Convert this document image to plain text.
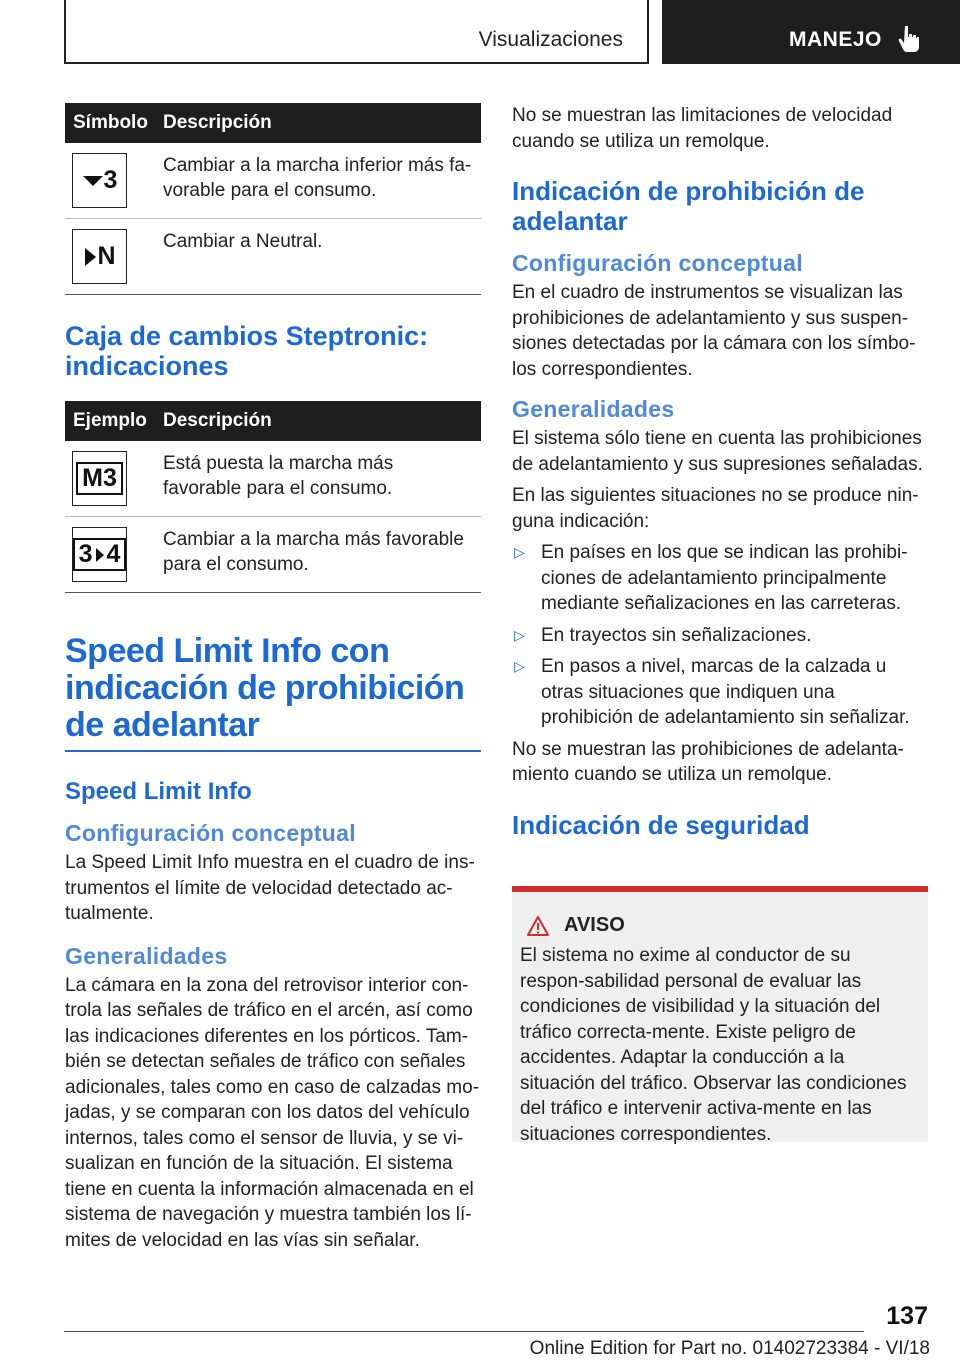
Visualizaciones	MANEJO
Símbolo	Descripción

3	Cambiar a la marcha inferior más fa-vorable para el consumo.

N	Cambiar a Neutral.
Caja de cambios Steptronic: indicaciones
Ejemplo	Descripción

M3	Está puesta la marcha más favorable para el consumo.

3 4	Cambiar a la marcha más favorable para el consumo.
Speed Limit Info con indicación de prohibición de adelantar
Speed Limit Info
Configuración conceptual

La Speed Limit Info muestra en el cuadro de ins-trumentos el límite de velocidad detectado ac-tualmente.

Generalidades

La cámara en la zona del retrovisor interior con-trola las señales de tráfico en el arcén, así como las indicaciones diferentes en los pórticos. Tam-bién se detectan señales de tráfico con señales adicionales, tales como en caso de calzadas mo-jadas, y se comparan con los datos del vehículo internos, tales como el sensor de lluvia, y se vi-sualizan en función de la situación. El sistema tiene en cuenta la información almacenada en el sistema de navegación y muestra también los lí-mites de velocidad en las vías sin señalar.

No se muestran las limitaciones de velocidad cuando se utiliza un remolque.

Indicación de prohibición de adelantar
Configuración conceptual

En el cuadro de instrumentos se visualizan las prohibiciones de adelantamiento y sus suspen-siones detectadas por la cámara con los símbo-los correspondientes.

Generalidades

El sistema sólo tiene en cuenta las prohibiciones de adelantamiento y sus supresiones señaladas.

En las siguientes situaciones no se produce nin-guna indicación:

▷ En países en los que se indican las prohibi-ciones de adelantamiento principalmente mediante señalizaciones en las carreteras.
▷ En trayectos sin señalizaciones.
▷ En pasos a nivel, marcas de la calzada u otras situaciones que indiquen una prohibición de adelantamiento sin señalizar.

No se muestran las prohibiciones de adelanta-miento cuando se utiliza un remolque.

Indicación de seguridad
AVISO

El sistema no exime al conductor de su respon-sabilidad personal de evaluar las condiciones de visibilidad y la situación del tráfico correcta-mente. Existe peligro de accidentes. Adaptar la conducción a la situación del tráfico. Observar las condiciones del tráfico e intervenir activa-mente en las situaciones correspondientes.

137
Online Edition for Part no. 01402723384 - VI/18
